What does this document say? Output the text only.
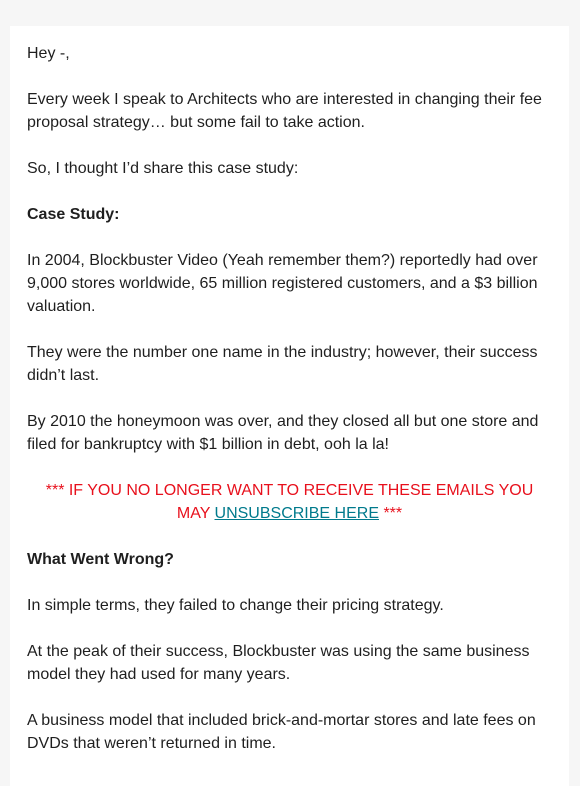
Hey -,

Every week I speak to Architects who are interested in changing their fee proposal strategy… but some fail to take action.

So, I thought I’d share this case study:

Case Study:

In 2004, Blockbuster Video (Yeah remember them?) reportedly had over 9,000 stores worldwide, 65 million registered customers, and a $3 billion valuation.

They were the number one name in the industry; however, their success didn’t last.

By 2010 the honeymoon was over, and they closed all but one store and filed for bankruptcy with $1 billion in debt, ooh la la!

*** IF YOU NO LONGER WANT TO RECEIVE THESE EMAILS YOU MAY UNSUBSCRIBE HERE ***

What Went Wrong?

In simple terms, they failed to change their pricing strategy.

At the peak of their success, Blockbuster was using the same business model they had used for many years.

A business model that included brick-and-mortar stores and late fees on DVDs that weren’t returned in time.
